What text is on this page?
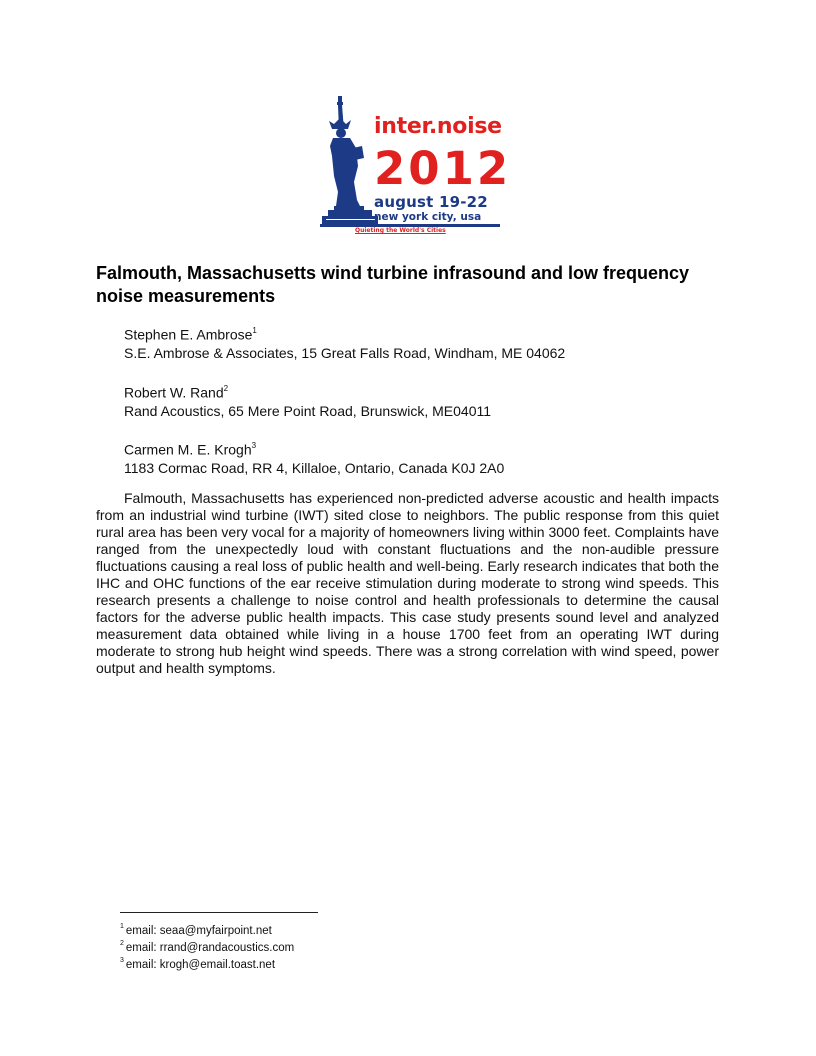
inter.noise
2012
august 19-22
new york city, usa
Quieting the World's Cities
Falmouth, Massachusetts wind turbine infrasound and low frequency noise measurements
Stephen E. Ambrose$^1$
S.E. Ambrose & Associates, 15 Great Falls Road, Windham, ME 04062
Robert W. Rand$^2$
Rand Acoustics, 65 Mere Point Road, Brunswick, ME04011
Carmen M. E. Krogh$^3$
1183 Cormac Road, RR 4, Killaloe, Ontario, Canada K0J 2A0

Falmouth, Massachusetts has experienced non-predicted adverse acoustic and health impacts from an industrial wind turbine (IWT) sited close to neighbors. The public response from this quiet rural area has been very vocal for a majority of homeowners living within 3000 feet. Complaints have ranged from the unexpectedly loud with constant fluctuations and the non-audible pressure fluctuations causing a real loss of public health and well-being. Early research indicates that both the IHC and OHC functions of the ear receive stimulation during moderate to strong wind speeds. This research presents a challenge to noise control and health professionals to determine the causal factors for the adverse public health impacts. This case study presents sound level and analyzed measurement data obtained while living in a house 1700 feet from an operating IWT during moderate to strong hub height wind speeds. There was a strong correlation with wind speed, power output and health symptoms.

$^1$ email: seaa@myfairpoint.net
$^2$ email: rrand@randacoustics.com
$^3$ email: krogh@email.toast.net
